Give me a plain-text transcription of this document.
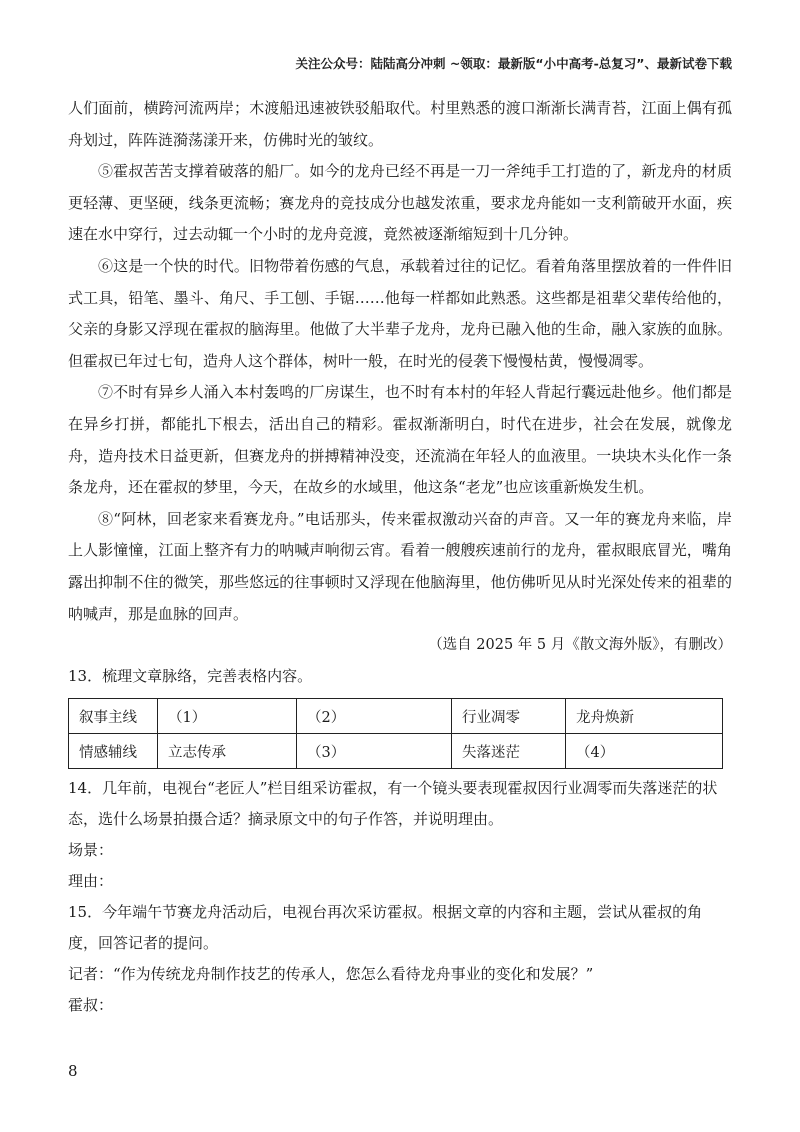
关注公众号：陆陆高分冲刺 ~领取：最新版“小中高考-总复习”、最新试卷下载

人们面前，横跨河流两岸；木渡船迅速被铁驳船取代。村里熟悉的渡口渐渐长满青苔，江面上偶有孤舟划过，阵阵涟漪荡漾开来，仿佛时光的皱纹。

⑤霍叔苦苦支撑着破落的船厂。如今的龙舟已经不再是一刀一斧纯手工打造的了，新龙舟的材质更轻薄、更坚硬，线条更流畅；赛龙舟的竞技成分也越发浓重，要求龙舟能如一支利箭破开水面，疾速在水中穿行，过去动辄一个小时的龙舟竞渡，竟然被逐渐缩短到十几分钟。

⑥这是一个快的时代。旧物带着伤感的气息，承载着过往的记忆。看着角落里摆放着的一件件旧式工具，铅笔、墨斗、角尺、手工刨、手锯……他每一样都如此熟悉。这些都是祖辈父辈传给他的，父亲的身影又浮现在霍叔的脑海里。他做了大半辈子龙舟，龙舟已融入他的生命，融入家族的血脉。但霍叔已年过七旬，造舟人这个群体，树叶一般，在时光的侵袭下慢慢枯黄，慢慢凋零。

⑦不时有异乡人涌入本村轰鸣的厂房谋生，也不时有本村的年轻人背起行囊远赴他乡。他们都是在异乡打拼，都能扎下根去，活出自己的精彩。霍叔渐渐明白，时代在进步，社会在发展，就像龙舟，造舟技术日益更新，但赛龙舟的拼搏精神没变，还流淌在年轻人的血液里。一块块木头化作一条条龙舟，还在霍叔的梦里，今天，在故乡的水域里，他这条“老龙”也应该重新焕发生机。

⑧“阿林，回老家来看赛龙舟。”电话那头，传来霍叔激动兴奋的声音。又一年的赛龙舟来临，岸上人影憧憧，江面上整齐有力的呐喊声响彻云宵。看着一艘艘疾速前行的龙舟，霍叔眼底冒光，嘴角露出抑制不住的微笑，那些悠远的往事顿时又浮现在他脑海里，他仿佛听见从时光深处传来的祖辈的呐喊声，那是血脉的回声。

（选自 2025 年 5 月《散文海外版》，有删改）

13．梳理文章脉络，完善表格内容。

叙事主线	（1）	（2）	行业凋零	龙舟焕新
情感辅线	立志传承	（3）	失落迷茫	（4）

14．几年前，电视台“老匠人”栏目组采访霍叔，有一个镜头要表现霍叔因行业凋零而失落迷茫的状态，选什么场景拍摄合适？摘录原文中的句子作答，并说明理由。

场景：

理由：

15．今年端午节赛龙舟活动后，电视台再次采访霍叔。根据文章的内容和主题，尝试从霍叔的角度，回答记者的提问。

记者：“作为传统龙舟制作技艺的传承人，您怎么看待龙舟事业的变化和发展？”

霍叔：

8
